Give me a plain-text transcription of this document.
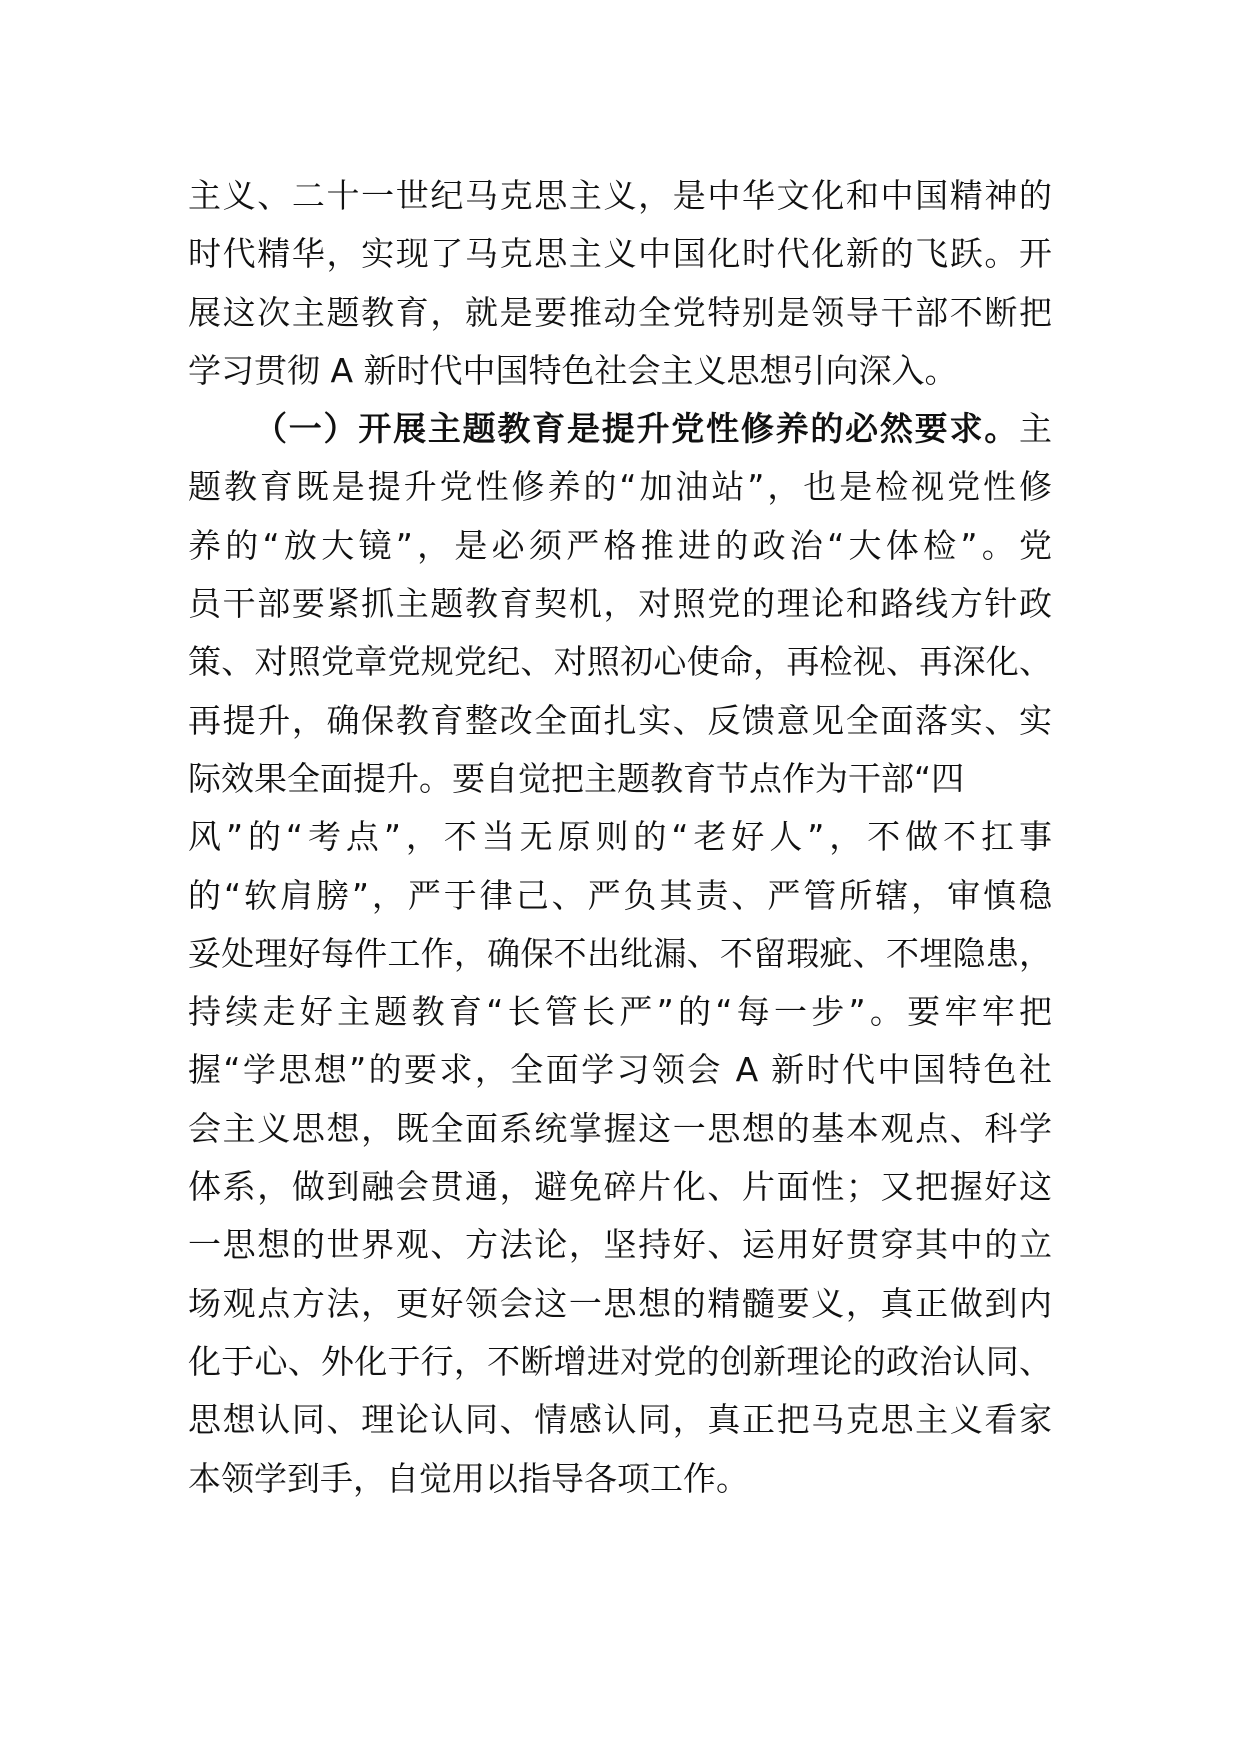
主义、二十一世纪马克思主义，是中华文化和中国精神的
时代精华，实现了马克思主义中国化时代化新的飞跃。开
展这次主题教育，就是要推动全党特别是领导干部不断把
学习贯彻 A 新时代中国特色社会主义思想引向深入。
（一）开展主题教育是提升党性修养的必然要求。主
题教育既是提升党性修养的“加油站”，也是检视党性修
养的“放大镜”，是必须严格推进的政治“大体检”。党
员干部要紧抓主题教育契机，对照党的理论和路线方针政
策、对照党章党规党纪、对照初心使命，再检视、再深化、
再提升，确保教育整改全面扎实、反馈意见全面落实、实
际效果全面提升。要自觉把主题教育节点作为干部“四
风”的“考点”，不当无原则的“老好人”，不做不扛事
的“软肩膀”，严于律己、严负其责、严管所辖，审慎稳
妥处理好每件工作，确保不出纰漏、不留瑕疵、不埋隐患，
持续走好主题教育“长管长严”的“每一步”。要牢牢把
握“学思想”的要求，全面学习领会 A 新时代中国特色社
会主义思想，既全面系统掌握这一思想的基本观点、科学
体系，做到融会贯通，避免碎片化、片面性；又把握好这
一思想的世界观、方法论，坚持好、运用好贯穿其中的立
场观点方法，更好领会这一思想的精髓要义，真正做到内
化于心、外化于行，不断增进对党的创新理论的政治认同、
思想认同、理论认同、情感认同，真正把马克思主义看家
本领学到手，自觉用以指导各项工作。
